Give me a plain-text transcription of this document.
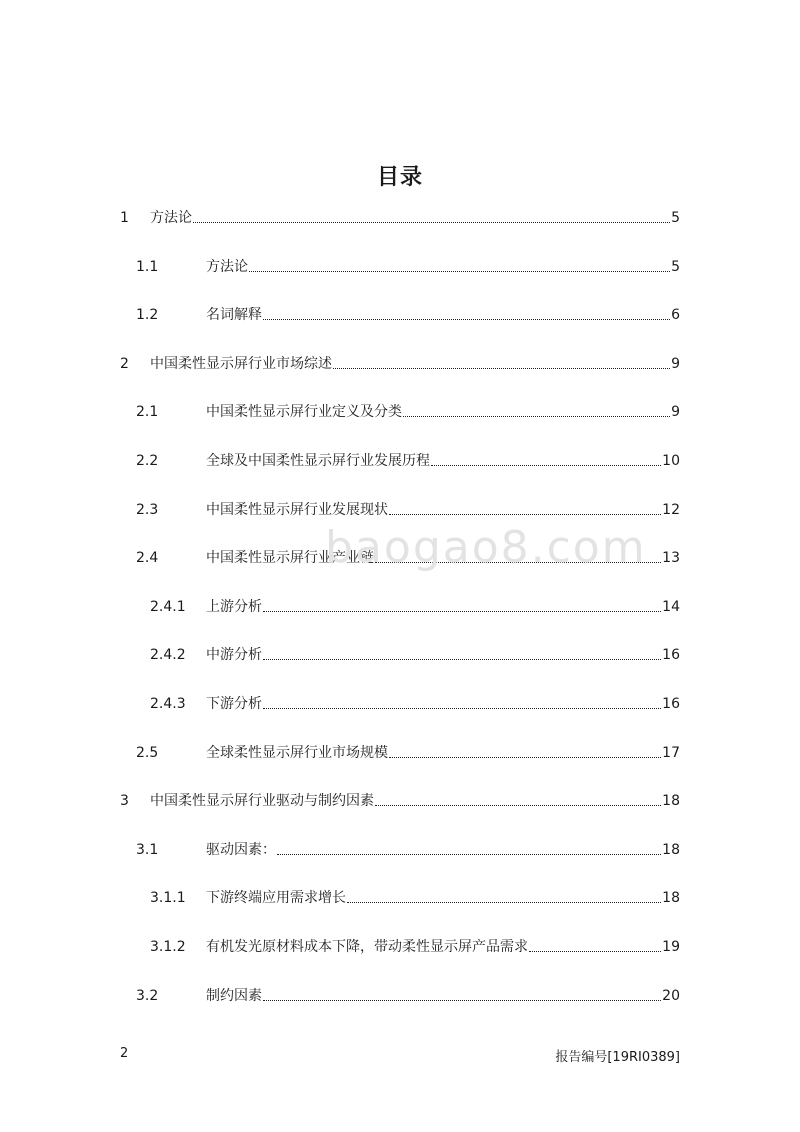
目录
1	方法论	5
1.1	方法论	5
1.2	名词解释	6
2	中国柔性显示屏行业市场综述	9
2.1	中国柔性显示屏行业定义及分类	9
2.2	全球及中国柔性显示屏行业发展历程	10
2.3	中国柔性显示屏行业发展现状	12
2.4	中国柔性显示屏行业产业链	13
2.4.1	上游分析	14
2.4.2	中游分析	16
2.4.3	下游分析	16
2.5	全球柔性显示屏行业市场规模	17
3	中国柔性显示屏行业驱动与制约因素	18
3.1	驱动因素：	18
3.1.1	下游终端应用需求增长	18
3.1.2	有机发光原材料成本下降，带动柔性显示屏产品需求	19
3.2	制约因素	20
baogao8.com
2	报告编号[19RI0389]
